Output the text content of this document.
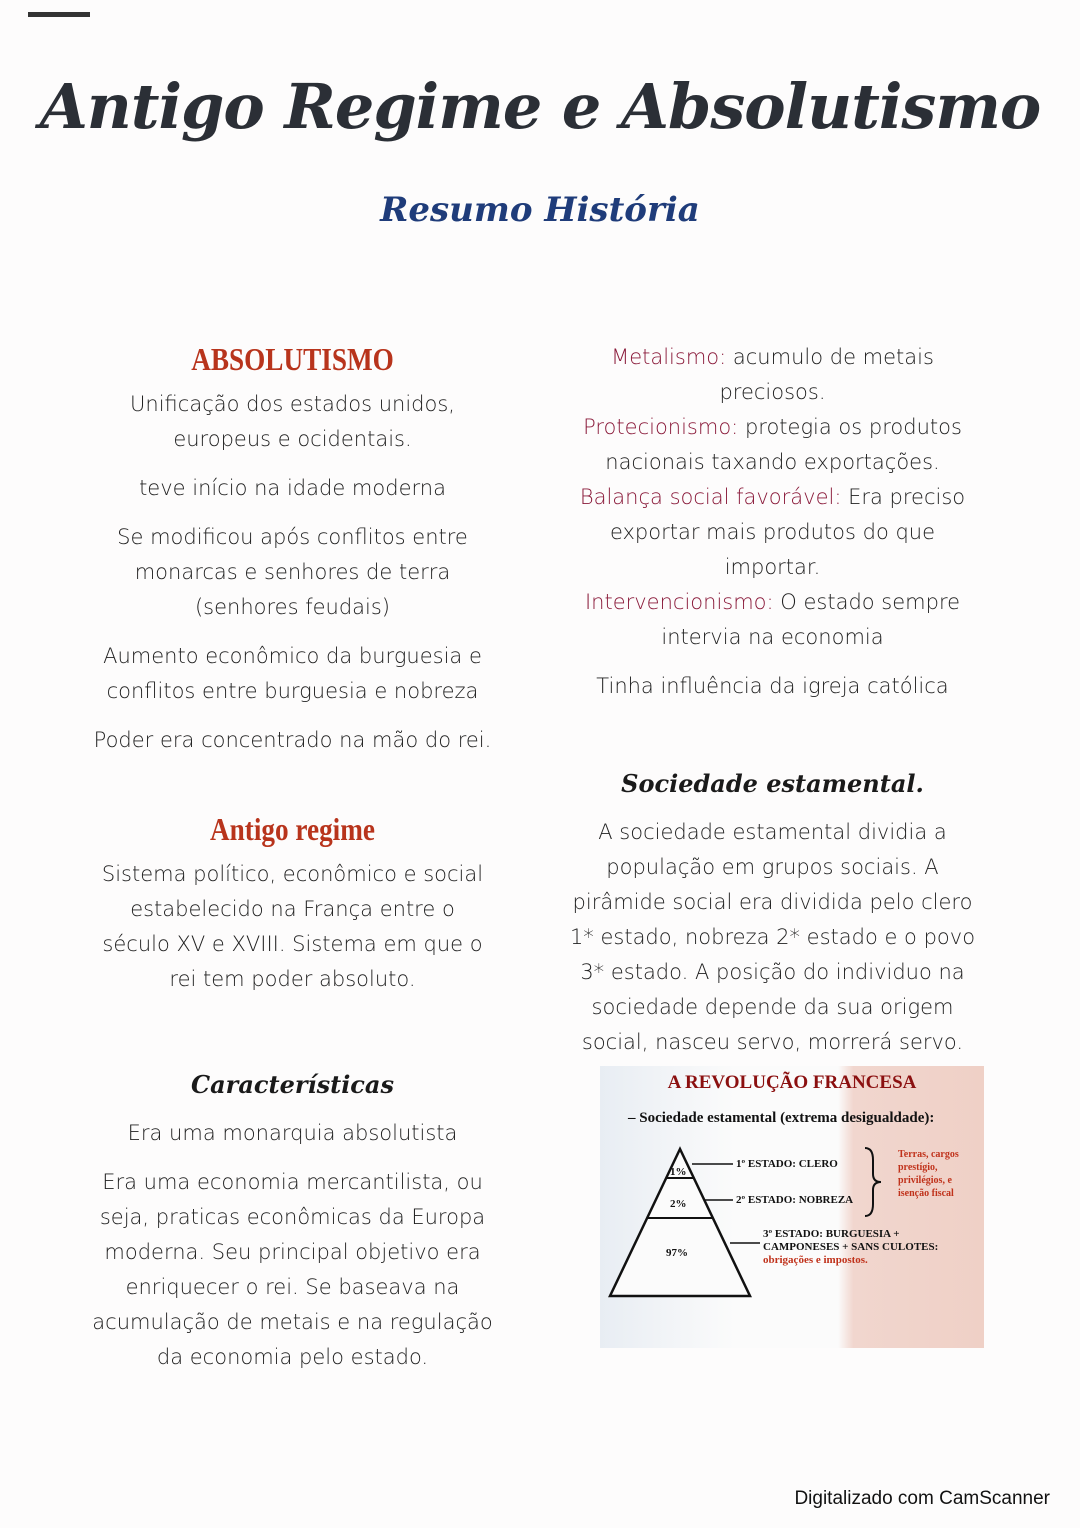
Antigo Regime e Absolutismo
Resumo História
ABSOLUTISMO
Unificação dos estados unidos, europeus e ocidentais.
teve início na idade moderna
Se modificou após conflitos entre monarcas e senhores de terra (senhores feudais)
Aumento econômico da burguesia e conflitos entre burguesia e nobreza
Poder era concentrado na mão do rei.
Antigo regime
Sistema político, econômico e social estabelecido na França entre o século XV e XVIII. Sistema em que o rei tem poder absoluto.
Características
Era uma monarquia absolutista
Era uma economia mercantilista, ou seja, praticas econômicas da Europa moderna. Seu principal objetivo era enriquecer o rei. Se baseava na acumulação de metais e na regulação da economia pelo estado.
Metalismo: acumulo de metais preciosos.
Protecionismo: protegia os produtos nacionais taxando exportações.
Balança social favorável: Era preciso exportar mais produtos do que importar.
Intervencionismo: O estado sempre intervia na economia
Tinha influência da igreja católica
Sociedade estamental.
A sociedade estamental dividia a população em grupos sociais. A pirâmide social era dividida pelo clero 1* estado, nobreza 2* estado e o povo 3* estado. A posição do individuo na sociedade depende da sua origem social, nasceu servo, morrerá servo.
A REVOLUÇÃO FRANCESA
– Sociedade estamental (extrema desigualdade):
1%
2%
97%
1º ESTADO: CLERO
2º ESTADO: NOBREZA
3º ESTADO: BURGUESIA + CAMPONESES + SANS CULOTES: obrigações e impostos.
Terras, cargos prestígio, privilégios, e isenção fiscal
Digitalizado com CamScanner
